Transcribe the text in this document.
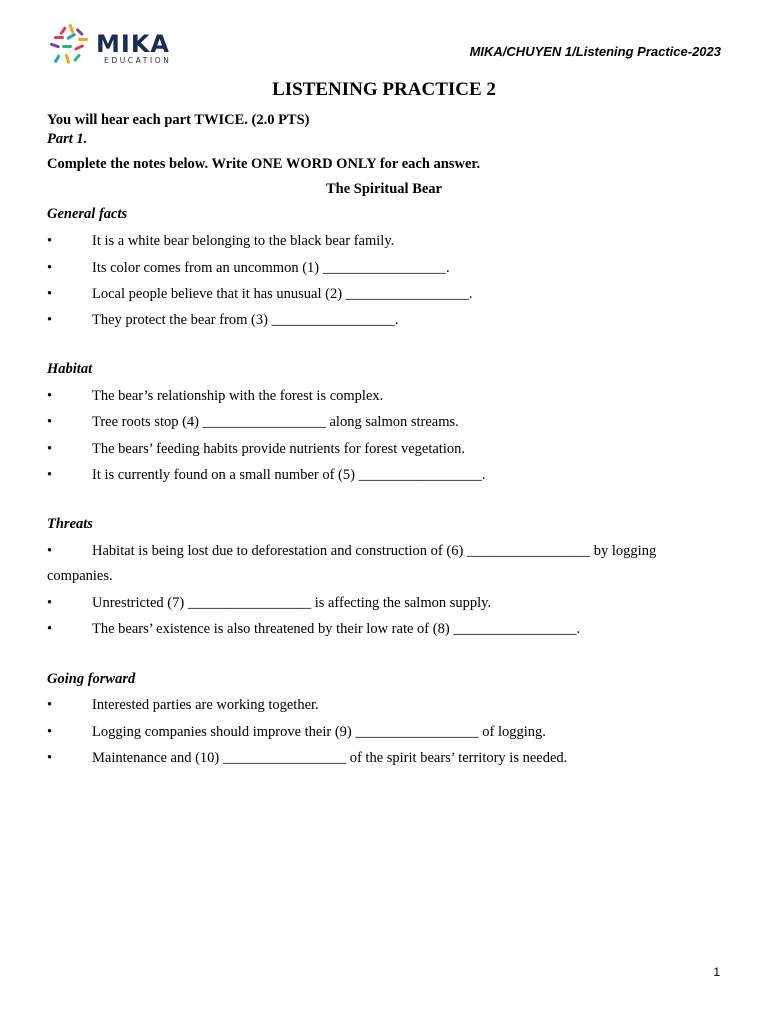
MIKA
EDUCATION
MIKA/CHUYEN 1/Listening Practice-2023
LISTENING PRACTICE 2
You will hear each part TWICE. (2.0 PTS)
Part 1.
Complete the notes below. Write ONE WORD ONLY for each answer.
The Spiritual Bear
General facts
•	It is a white bear belonging to the black bear family.
•	Its color comes from an uncommon (1) _________________.
•	Local people believe that it has unusual (2) _________________.
•	They protect the bear from (3) _________________.
Habitat
•	The bear’s relationship with the forest is complex.
•	Tree roots stop (4) _________________ along salmon streams.
•	The bears’ feeding habits provide nutrients for forest vegetation.
•	It is currently found on a small number of (5) _________________.
Threats
•	Habitat is being lost due to deforestation and construction of (6) _________________ by logging
companies.
•	Unrestricted (7) _________________ is affecting the salmon supply.
•	The bears’ existence is also threatened by their low rate of (8) _________________.
Going forward
•	Interested parties are working together.
•	Logging companies should improve their (9) _________________ of logging.
•	Maintenance and (10) _________________ of the spirit bears’ territory is needed.
1
